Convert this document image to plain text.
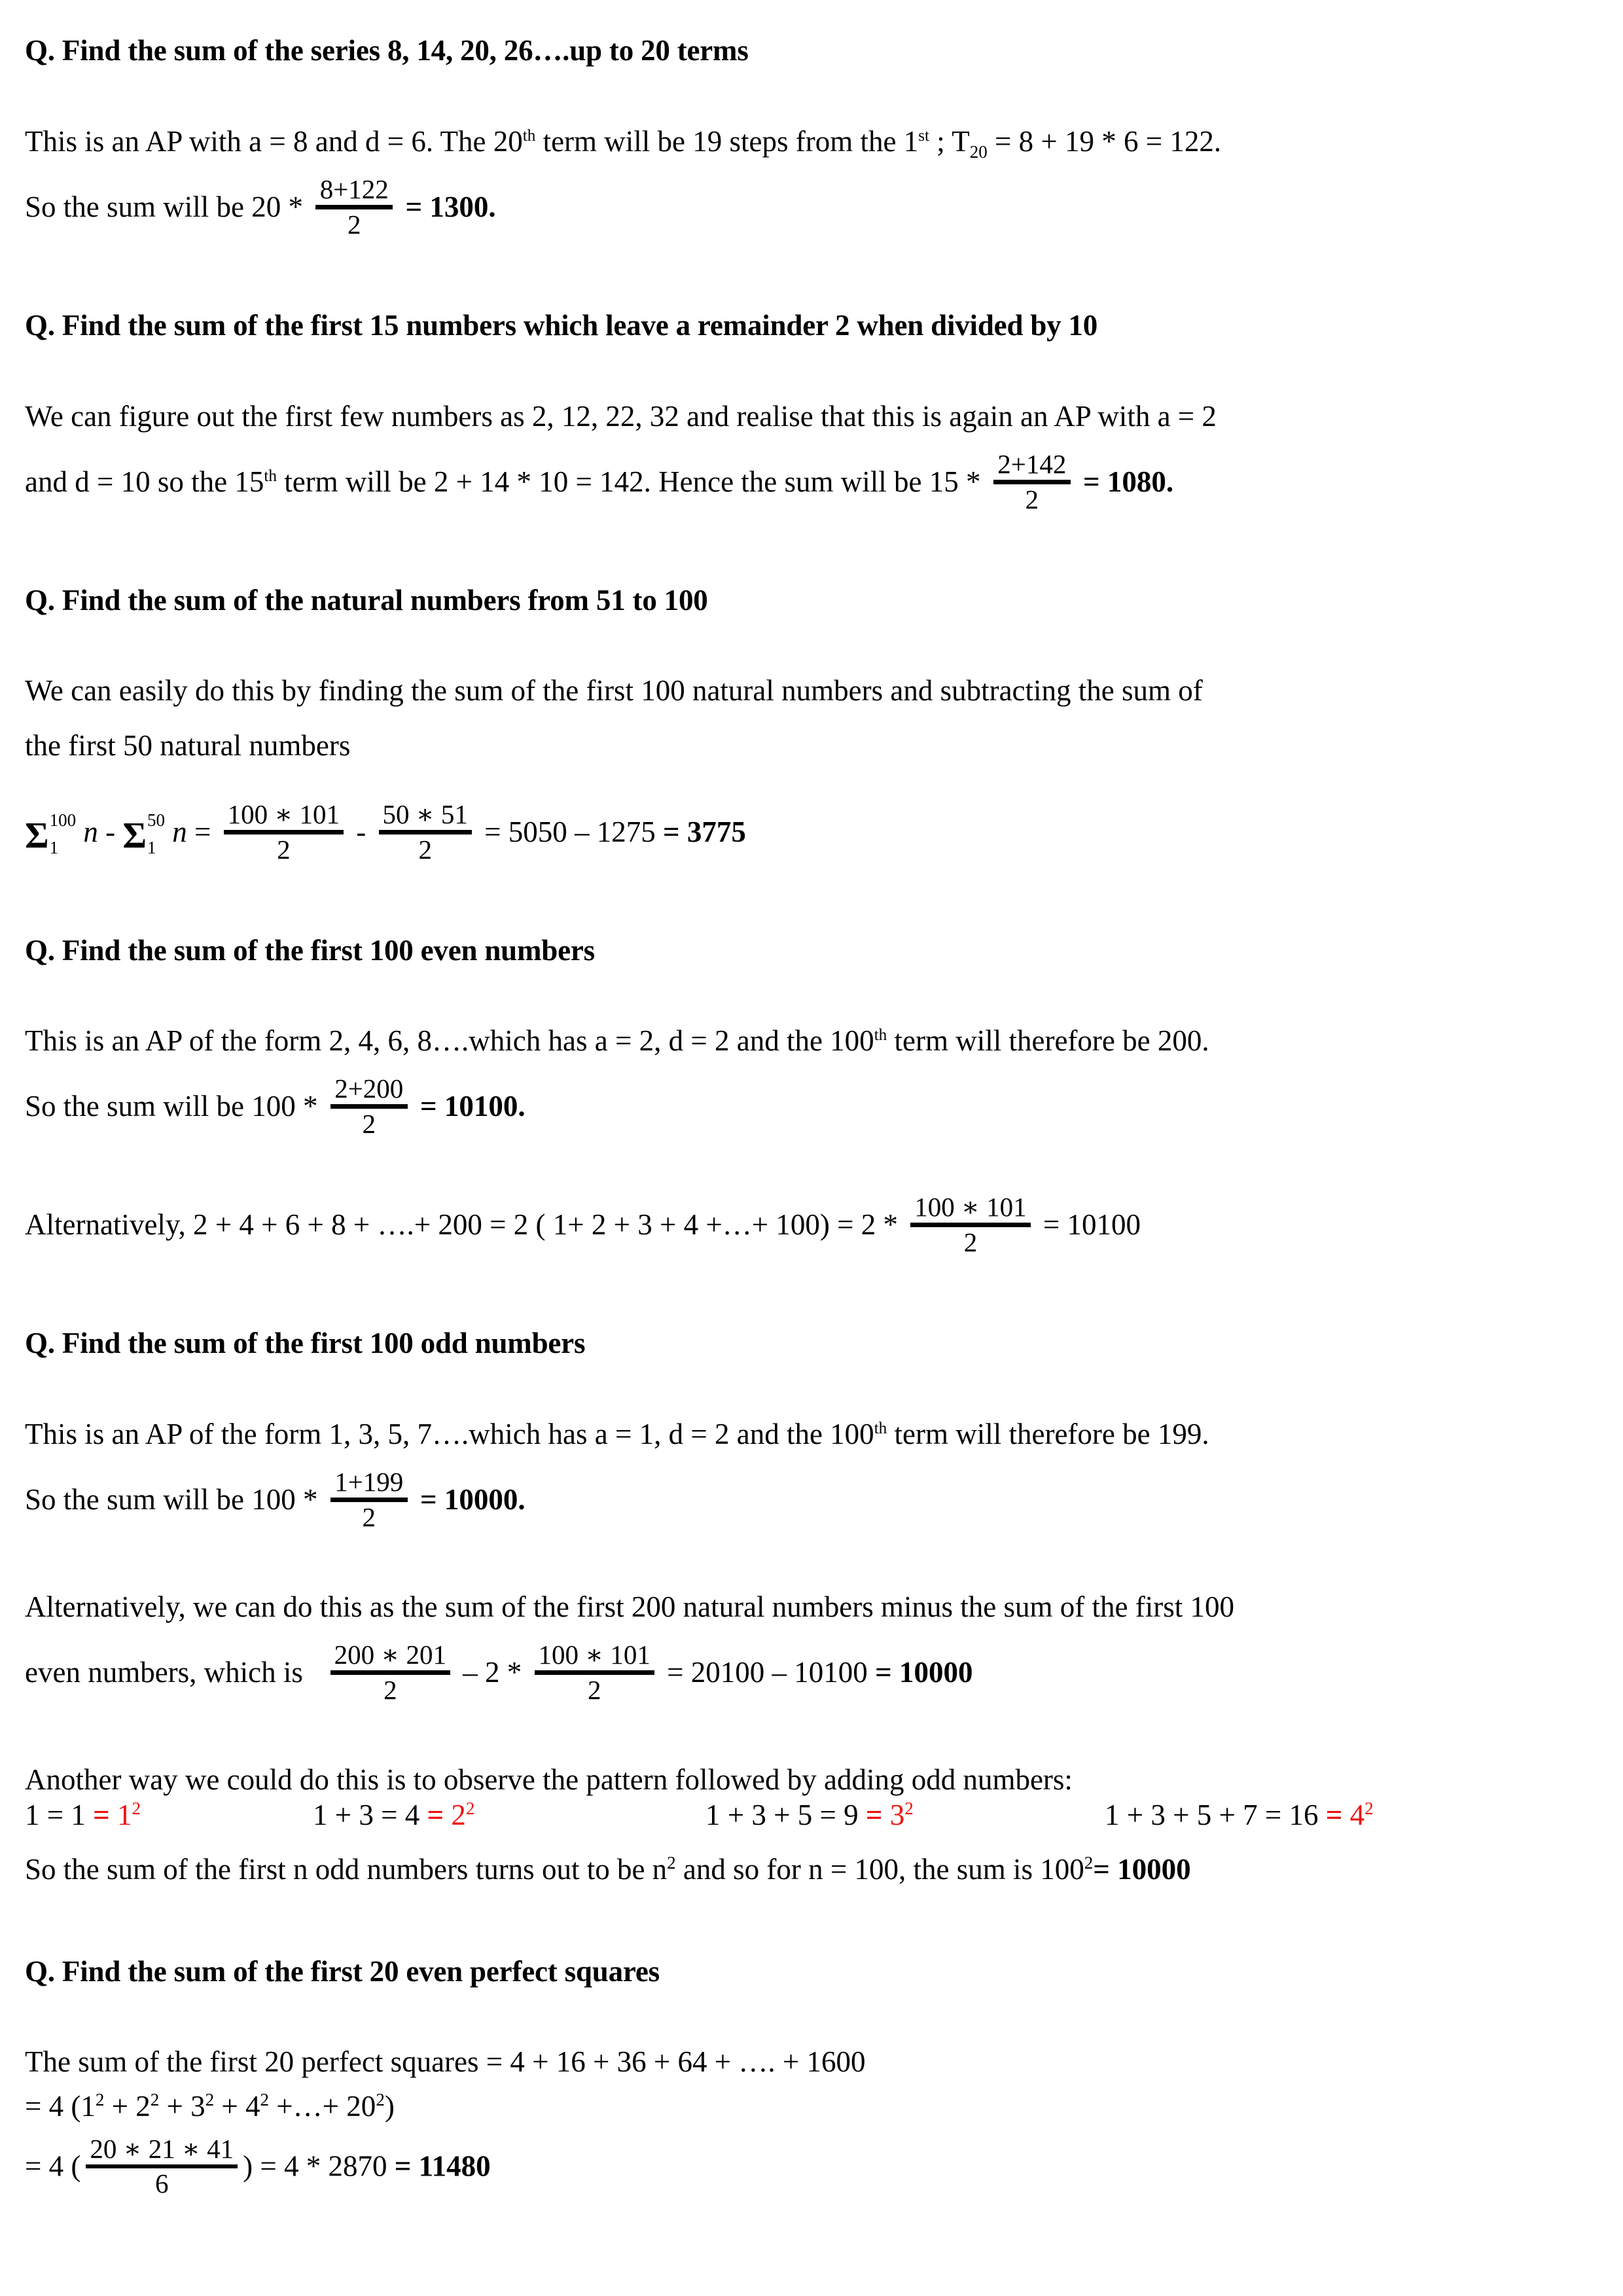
Q. Find the sum of the series 8, 14, 20, 26….up to 20 terms

This is an AP with a = 8 and d = 6. The 20th term will be 19 steps from the 1st ; $T_{20} = 8 + 19 * 6 = 122$.

So the sum will be 20 *
8+122
2
= 1300.

Q. Find the sum of the first 15 numbers which leave a remainder 2 when divided by 10

We can figure out the first few numbers as 2, 12, 22, 32 and realise that this is again an AP with a = 2

and d = 10 so the 15th term will be 2 + 14 * 10 = 142. Hence the sum will be 15 *
2+142
2
= 1080.

Q. Find the sum of the natural numbers from 51 to 100

We can easily do this by finding the sum of the first 100 natural numbers and subtracting the sum of

the first 50 natural numbers

Σ 100
1 n - Σ 50
1 n =
100 ∗ 101
2
-
50 ∗ 51
2
= 5050 – 1275 = 3775

Q. Find the sum of the first 100 even numbers

This is an AP of the form 2, 4, 6, 8….which has a = 2, d = 2 and the 100th term will therefore be 200.

So the sum will be 100 *
2+200
2
= 10100.

Alternatively, 2 + 4 + 6 + 8 + ….+ 200 = 2 ( 1+ 2 + 3 + 4 +…+ 100) = 2 *
100 ∗ 101
2
= 10100

Q. Find the sum of the first 100 odd numbers

This is an AP of the form 1, 3, 5, 7….which has a = 1, d = 2 and the 100th term will therefore be 199.

So the sum will be 100 *
1+199
2
= 10000.

Alternatively, we can do this as the sum of the first 200 natural numbers minus the sum of the first 100

even numbers, which is
200 ∗ 201
2
– 2 *
100 ∗ 101
2
= 20100 – 10100 = 10000

Another way we could do this is to observe the pattern followed by adding odd numbers:

$1 = 1 = 1^2$	$1 + 3 = 4 = 2^2$	$1 + 3 + 5 = 9 = 3^2$	$1 + 3 + 5 + 7 = 16 = 4^2$

So the sum of the first n odd numbers turns out to be $n^2$ and so for n = 100, the sum is $100^2= 10000$

Q. Find the sum of the first 20 even perfect squares

The sum of the first 20 perfect squares = 4 + 16 + 36 + 64 + …. + 1600

= 4 ($1^2 + 2^2 + 3^2 + 4^2$ +…+ $20^2$)

= 4 (
20 ∗ 21 ∗ 41
6
) = 4 * 2870 = 11480
